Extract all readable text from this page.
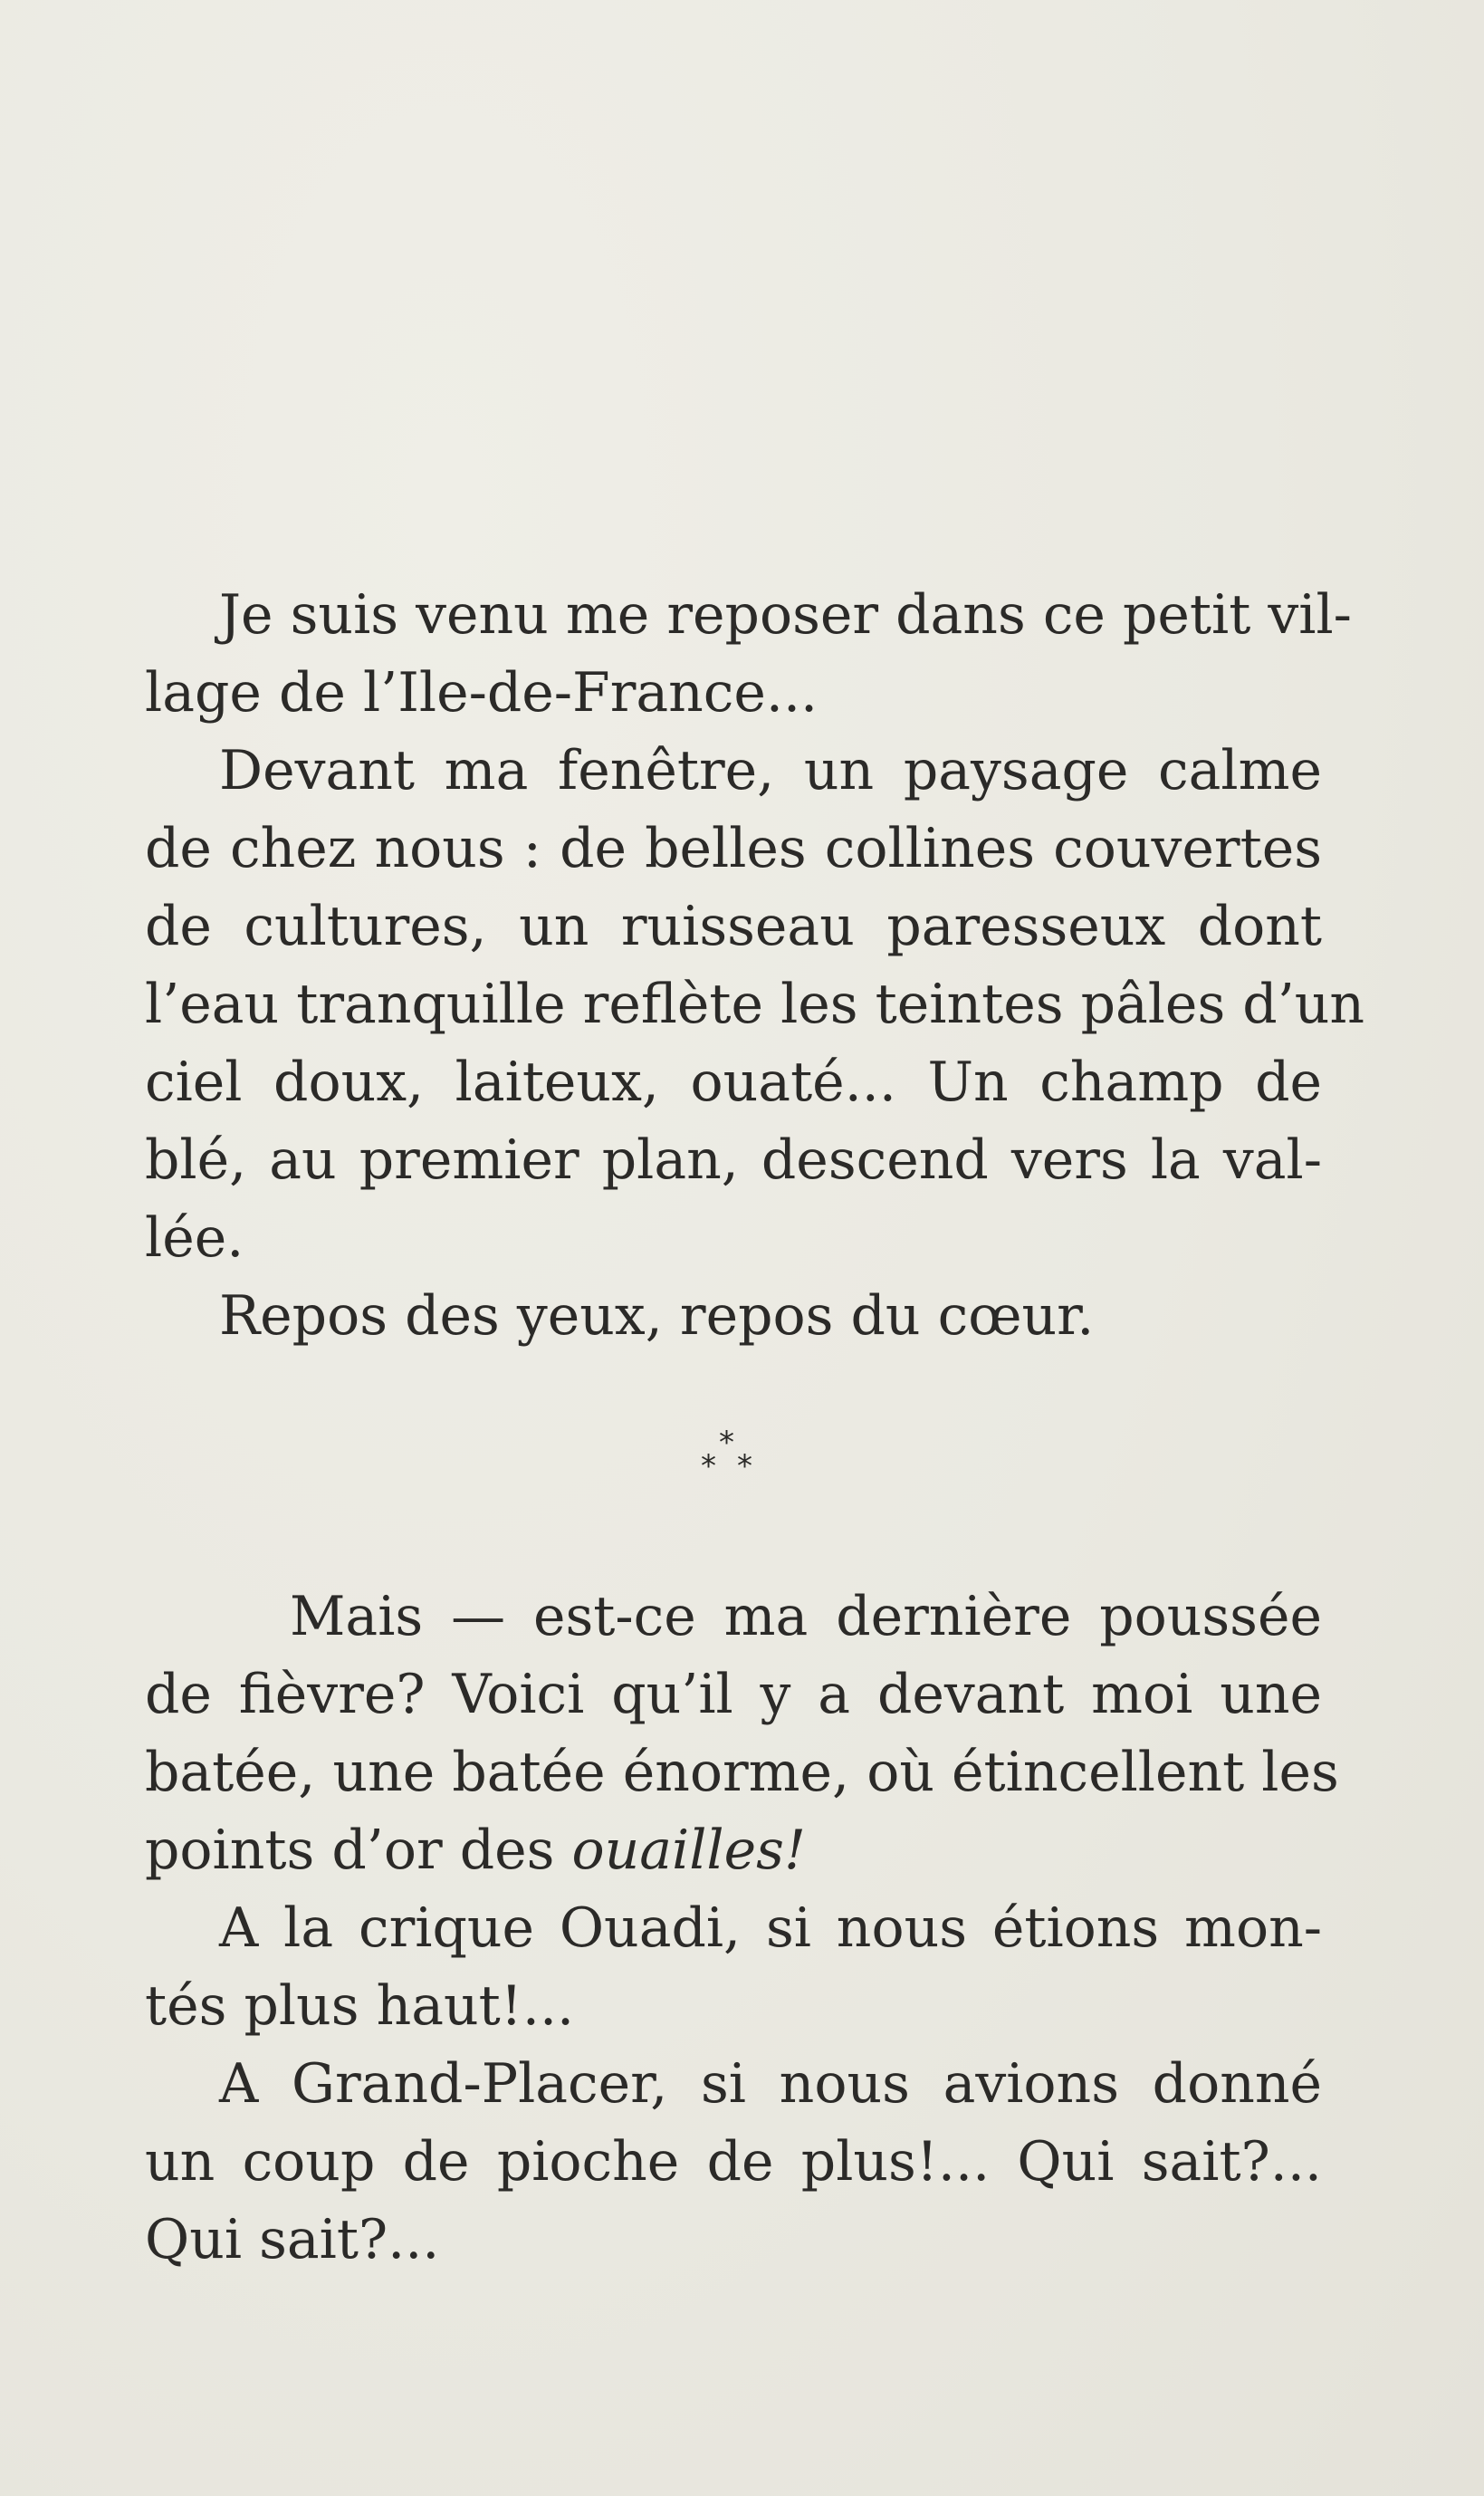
Je suis venu me reposer dans ce petit vil-
lage de l’Ile-de-France...
Devant ma fenêtre, un paysage calme
de chez nous : de belles collines couvertes
de cultures, un ruisseau paresseux dont
l’eau tranquille reflète les teintes pâles d’un
ciel doux, laiteux, ouaté... Un champ de
blé, au premier plan, descend vers la val-
lée.
Repos des yeux, repos du cœur.
*
* *
Mais — est-ce ma dernière poussée
de fièvre? Voici qu’il y a devant moi une
batée, une batée énorme, où étincellent les
points d’or des ouailles!
A la crique Ouadi, si nous étions mon-
tés plus haut!...
A Grand-Placer, si nous avions donné
un coup de pioche de plus!... Qui sait?...
Qui sait?...
